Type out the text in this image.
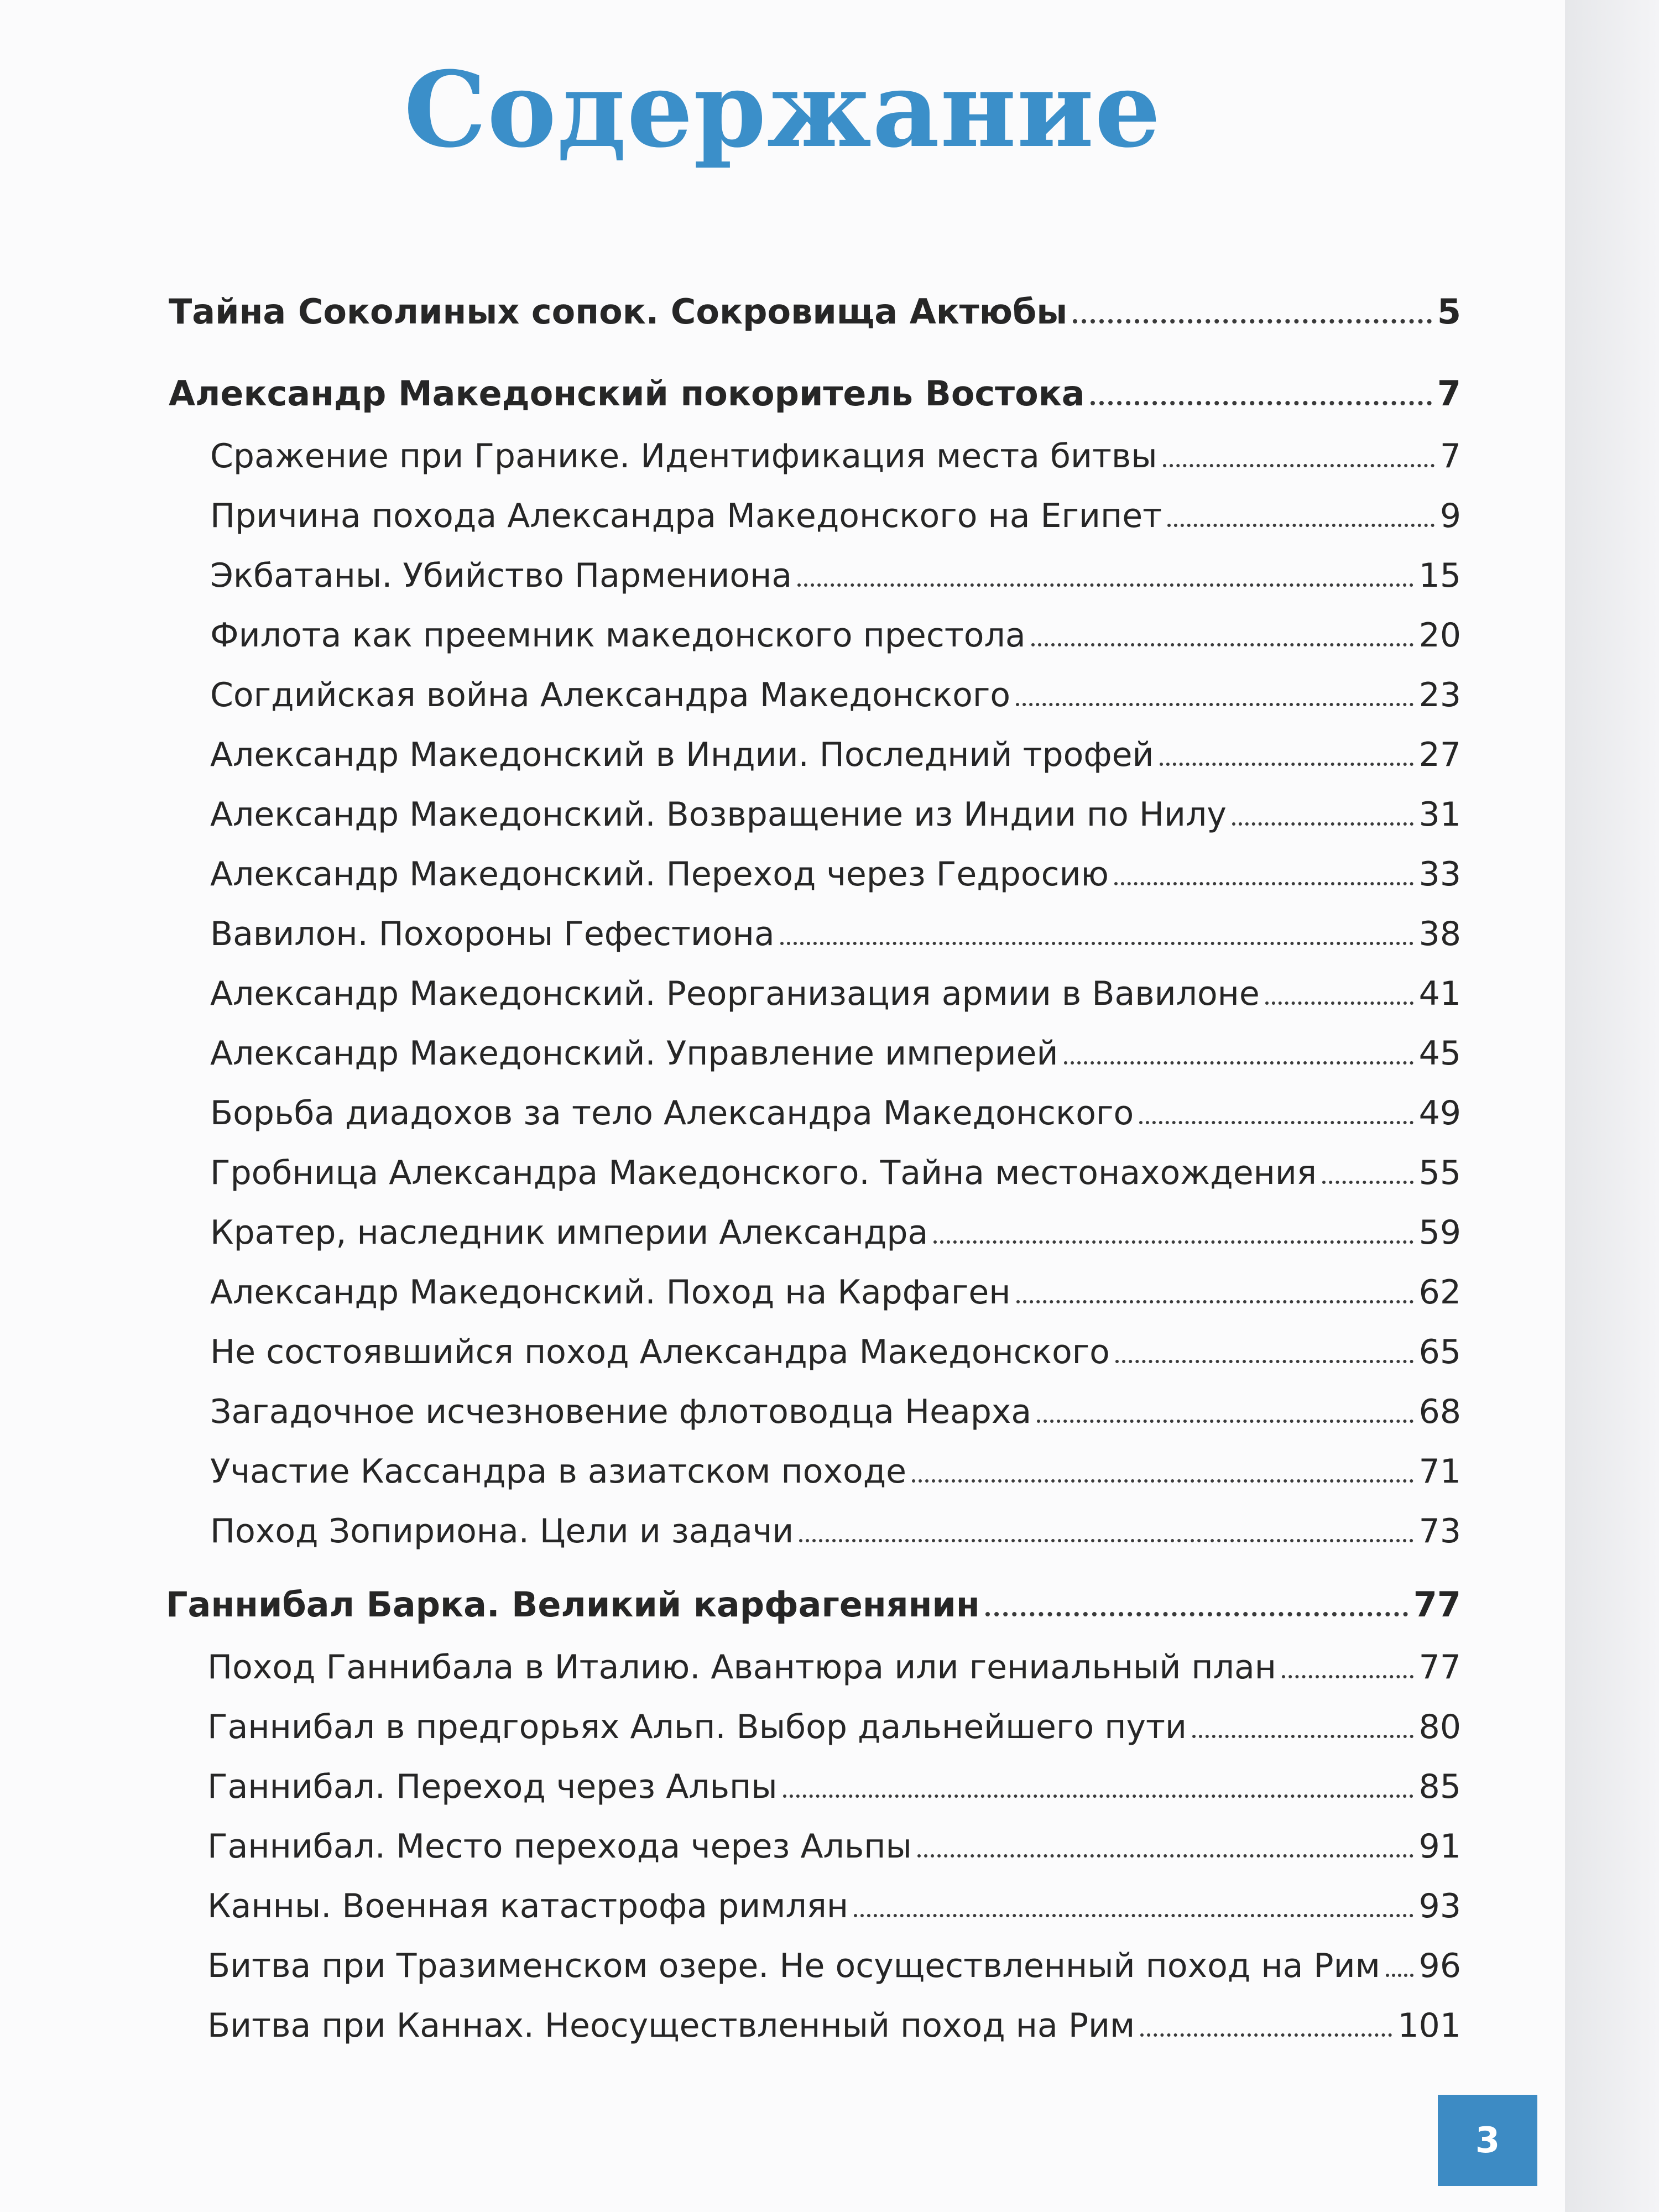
Содержание
Тайна Соколиных сопок. Сокровища Актюбы	5
Александр Македонский покоритель Востока	7
Сражение при Гранике. Идентификация места битвы	7
Причина похода Александра Македонского на Египет	9
Экбатаны. Убийство Пармениона	15
Филота как преемник македонского престола	20
Согдийская война Александра Македонского	23
Александр Македонский в Индии. Последний трофей	27
Александр Македонский. Возвращение из Индии по Нилу	31
Александр Македонский. Переход через Гедросию	33
Вавилон. Похороны Гефестиона	38
Александр Македонский. Реорганизация армии в Вавилоне	41
Александр Македонский. Управление империей	45
Борьба диадохов за тело Александра Македонского	49
Гробница Александра Македонского. Тайна местонахождения	55
Кратер, наследник империи Александра	59
Александр Македонский. Поход на Карфаген	62
Не состоявшийся поход Александра Македонского	65
Загадочное исчезновение флотоводца Неарха	68
Участие Кассандра в азиатском походе	71
Поход Зопириона. Цели и задачи	73
Ганнибал Барка. Великий карфагенянин	77
Поход Ганнибала в Италию. Авантюра или гениальный план	77
Ганнибал в предгорьях Альп. Выбор дальнейшего пути	80
Ганнибал. Переход через Альпы	85
Ганнибал. Место перехода через Альпы	91
Канны. Военная катастрофа римлян	93
Битва при Тразименском озере. Не осуществленный поход на Рим 96
Битва при Каннах. Неосуществленный поход на Рим	101
3
